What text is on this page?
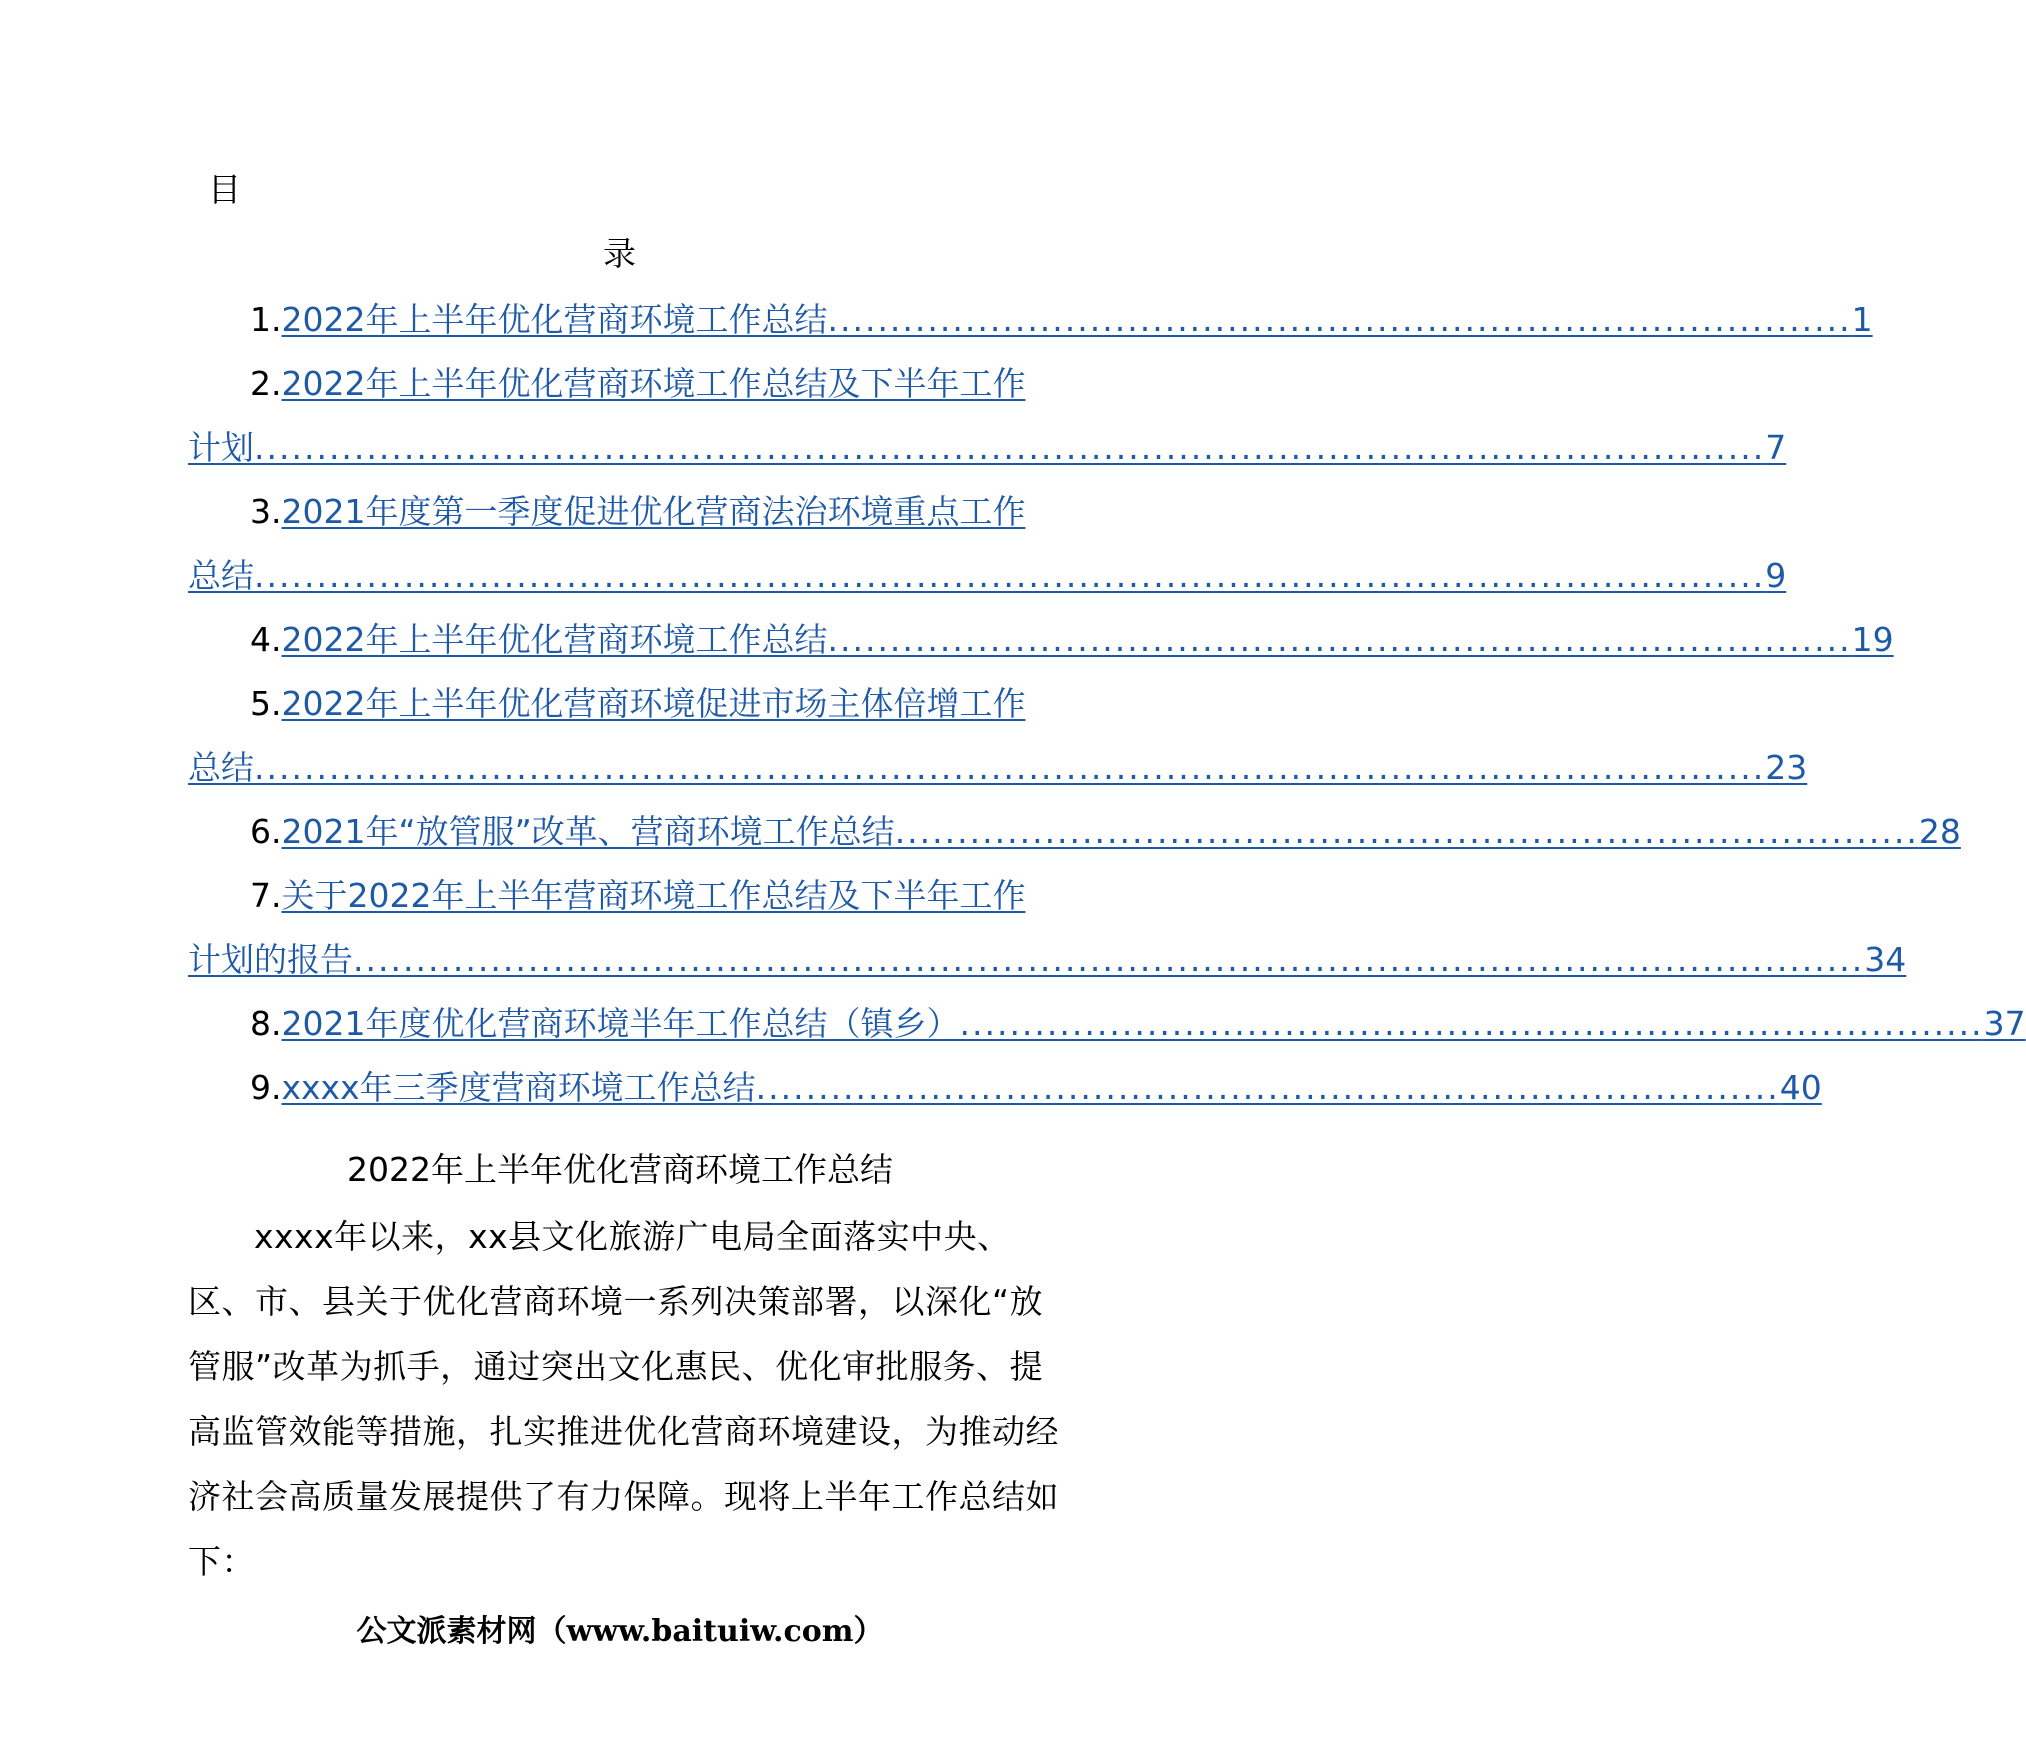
目
录
1. 2022年上半年优化营商环境工作总结 .................................................................................. 1
2. 2022年上半年优化营商环境工作总结及下半年工作
计划 ......................................................................................................................... 7
3. 2021年度第一季度促进优化营商法治环境重点工作
总结 ......................................................................................................................... 9
4. 2022年上半年优化营商环境工作总结 .................................................................................. 19
5. 2022年上半年优化营商环境促进市场主体倍增工作
总结 ......................................................................................................................... 23
6. 2021年“放管服”改革、营商环境工作总结 .................................................................................. 28
7. 关于2022年上半年营商环境工作总结及下半年工作
计划的报告 ......................................................................................................................... 34
8. 2021年度优化营商环境半年工作总结（镇乡） .................................................................................. 37
9. xxxx年三季度营商环境工作总结 .................................................................................. 40
2022年上半年优化营商环境工作总结
xxxx年以来，xx县文化旅游广电局全面落实中央、区、市、县关于优化营商环境一系列决策部署，以深化“放管服”改革为抓手，通过突出文化惠民、优化审批服务、提高监管效能等措施，扎实推进优化营商环境建设，为推动经济社会高质量发展提供了有力保障。现将上半年工作总结如下：
公文派素材网（www.baituiw.com）
